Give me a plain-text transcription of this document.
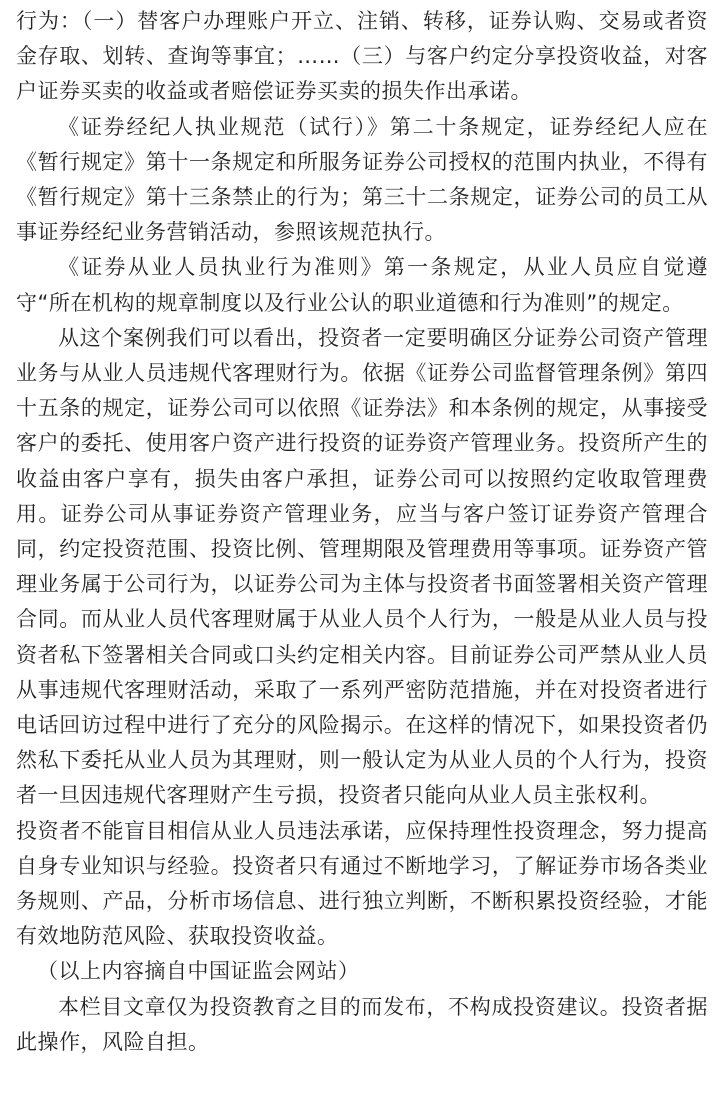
行为：（一）替客户办理账户开立、注销、转移，证券认购、交易或者资金存取、划转、查询等事宜；……（三）与客户约定分享投资收益，对客户证券买卖的收益或者赔偿证券买卖的损失作出承诺。

《证券经纪人执业规范（试行）》第二十条规定，证券经纪人应在《暂行规定》第十一条规定和所服务证券公司授权的范围内执业，不得有《暂行规定》第十三条禁止的行为；第三十二条规定，证券公司的员工从事证券经纪业务营销活动，参照该规范执行。

《证券从业人员执业行为准则》第一条规定，从业人员应自觉遵守“所在机构的规章制度以及行业公认的职业道德和行为准则”的规定。

从这个案例我们可以看出，投资者一定要明确区分证券公司资产管理业务与从业人员违规代客理财行为。依据《证券公司监督管理条例》第四十五条的规定，证券公司可以依照《证券法》和本条例的规定，从事接受客户的委托、使用客户资产进行投资的证券资产管理业务。投资所产生的收益由客户享有，损失由客户承担，证券公司可以按照约定收取管理费用。证券公司从事证券资产管理业务，应当与客户签订证券资产管理合同，约定投资范围、投资比例、管理期限及管理费用等事项。证券资产管理业务属于公司行为，以证券公司为主体与投资者书面签署相关资产管理合同。而从业人员代客理财属于从业人员个人行为，一般是从业人员与投资者私下签署相关合同或口头约定相关内容。目前证券公司严禁从业人员从事违规代客理财活动，采取了一系列严密防范措施，并在对投资者进行电话回访过程中进行了充分的风险揭示。在这样的情况下，如果投资者仍然私下委托从业人员为其理财，则一般认定为从业人员的个人行为，投资者一旦因违规代客理财产生亏损，投资者只能向从业人员主张权利。

投资者不能盲目相信从业人员违法承诺，应保持理性投资理念，努力提高自身专业知识与经验。投资者只有通过不断地学习，了解证券市场各类业务规则、产品，分析市场信息、进行独立判断，不断积累投资经验，才能有效地防范风险、获取投资收益。

（以上内容摘自中国证监会网站）

本栏目文章仅为投资教育之目的而发布，不构成投资建议。投资者据此操作，风险自担。
